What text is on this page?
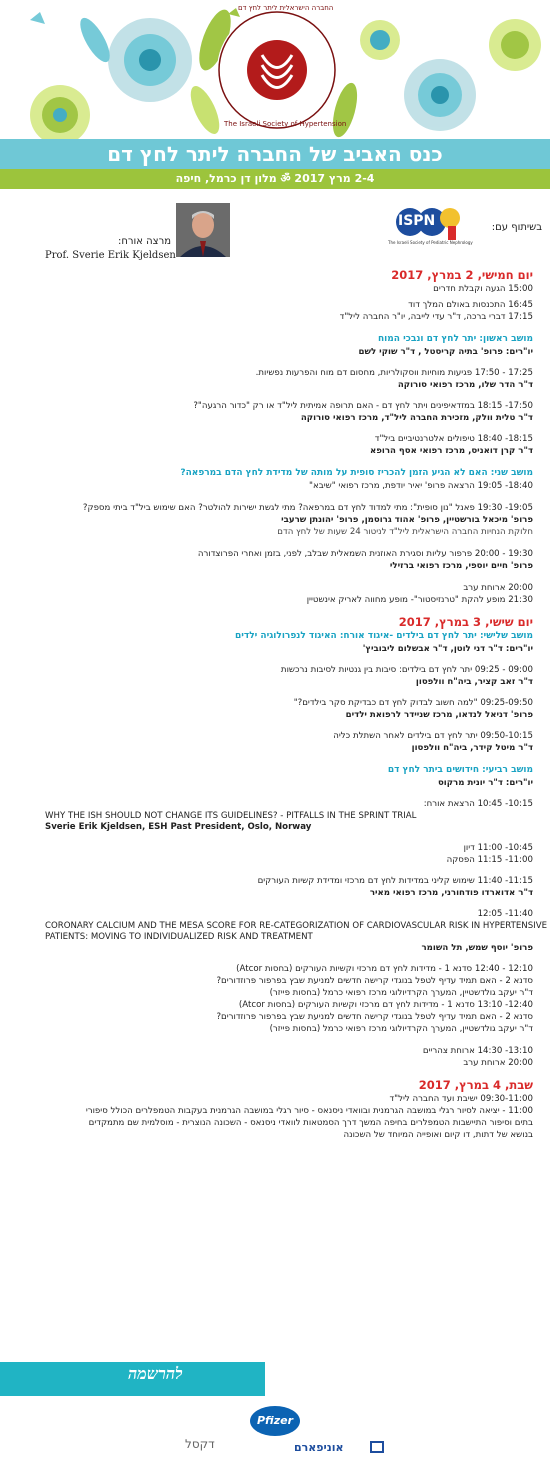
החברה הישראלית ליתר לחץ דם
The Israeli Society of Hypertension
כנס האביב של החברה ליתר לחץ דם
2-4 מרץ 2017 ॐ מלון דן כרמל, חיפה
בשיתוף עם:
ISPN
The Israeli Society of Pediatric Nephrology
מרצה אורח:
Prof. Sverie Erik Kjeldsen
יום חמישי, 2 במרץ, 2017
15:00 הגעה וקבלת חדרים
16:45 התכנסות באולם המלך דוד
17:15 דברי ברכה, ד"ר עדי לייבה, יו"ר החברה ליל"ד
מושב ראשון: יתר לחץ דם ונבכי המוח
יו"רים: פרופ' בתיה קריסטל , ד"ר שוקי לשם
17:25 - 17:50 פגיעות מוחיות ווסקולריות, מחסום דם מוח והפרעות נפשיות.
ד"ר הדר שלו, מרכז רפואי סורוקה
17:50- 18:15 במזדאיפינים ויתר לחץ דם - האם תרופה אמיתית ליל"ד או רק "כדור הרגעה"?
ד"ר טלית וולק, מזכירת החברה ליל"ד, מרכז רפואי סורוקה
18:15- 18:40 טיפולים אלטרנטיביים ביל"ד
ד"ר קרן דואניס, מרכז רפואי אסף הרופא
מושב שני: האם לא הגיע הזמן להכריז סופית על מותה של מדידת לחץ הדם במרפאה?
18:40- 19:05 הרצאה פרופ' יאיר יודפת, מרכז רפואי "שיבא"
19:05- 19:30 פאנל "נון סופית": מתי למדוד לחץ דם במרפאה? מתי לגשת ישירות להולטר? האם שימוש ביל"ד ביתי מספק?
פרופ' מיכאל בורשטיין, פרופ' אהוד גרוסמן, פרופ' יהונתן שרעבי
חלוקת הנחיות החברה הישראלית ליל"ד לניטור 24 שעות של לחץ הדם
19:30 - 20:00 פרפור עליות וסגירת האוזנית השמאלית שבלב, לפני, בזמן ואחרי הפרוצדורה
פרופ' חיים יוספי, מרכז רפואי ברזילי
20:00 ארוחת ערב
21:30 מופע להקת "טרנזיסטור"- מופע מחווה לאריק אינשטיין
יום שישי, 3 במרץ, 2017
מושב שלישי: יתר לחץ דם בילדים -איגוד אורח: האיגוד לנפרולוגיה ילדים
יו"רים: ד"ר דני לוטן, ד"ר אבשלום ליבוביץ'
09:00 - 09:25 יתר לחץ דם בילדים: סיבות בין גנטיות לסיבות נרכשות
ד"ר זאב קציר, ביה"ח וולפסון
09:25-09:50 "למה חשוב לבדוק לחץ דם כבדיקת סקר בילדים?"
פרופ' דניאל לנדאו, מרכז שניידר לרפואת ילדים
09:50-10:15 יתר לחץ דם בילדים לאחר השתלת כליה
ד"ר מיטל קידר, ביה"ח וולפסון
מושב רביעי: חידושים ביתר לחץ דם
יו"רים: ד"ר יונית מרקוס
10:15- 10:45 הרצאת אורח:
WHY THE ISH SHOULD NOT CHANGE ITS GUIDELINES? - PITFALLS IN THE SPRINT TRIAL
Sverie Erik Kjeldsen, ESH Past President, Oslo, Norway
10:45- 11:00 דיון
11:00- 11:15 הפסקה
11:15- 11:40 שימוש קליני במדידות לחץ דם מרכזי ומדידת קשיות העורקים
ד"ר אדוארדו פודחורני, מרכז רפואי מאיר
11:40- 12:05
CORONARY CALCIUM AND THE MESA SCORE FOR RE-CATEGORIZATION OF CARDIOVASCULAR RISK IN HYPERTENSIVE
PATIENTS: MOVING TO INDIVIDUALIZED RISK AND TREATMENT
פרופ' יוסף שמש, תל השומר
12:10 - 12:40 סדנא 1 - מדידות לחץ דם מרכזי וקשיות העורקים (בחסות Atcor)
סדנא 2 - האם תמיד עדיף לטפל בנוגדי קרישה חדשים למניעת שבץ בפרפור פרוזדורים?
ד"ר יעקב גולדשטיין, המערך הקרדיולוגי מרכז רפואי כרמל (בחסות פייזר)
12:40- 13:10 סדנא 1 - מדידות לחץ דם מרכזי וקשיות העורקים (בחסות Atcor)
סדנא 2 - האם תמיד עדיף לטפל בנוגדי קרישה חדשים למניעת שבץ בפרפור פרוזדורים?
ד"ר יעקב גולדשטיין, המערך הקרדיולוגי מרכז רפואי כרמל (בחסות פייזר)
13:10- 14:30 ארוחת צהריים
20:00 ארוחת ערב
שבת, 4 במרץ, 2017
09:30-11:00 ישיבת ועד החברה ליל"ד
11:00 - יציאה לסיור רגלי במושבה הגרמנית ובוואדי ניסנאס - סיור רגלי במושבה הגרמנית בעקבות הטמפלרים הכולל סיפורי
בתים וסיפור התיישבות הטמפלרים בחיפה המשך דרך הסמטאות לוואדי ניסנאס - השכונה הנוצרית - מוסלמית שם מתמקדים
בנושא של דתות, דו קיום ואופייה המיוחד של השכונה
להרשמה
Pfizer
דקסל	אוניפארם
